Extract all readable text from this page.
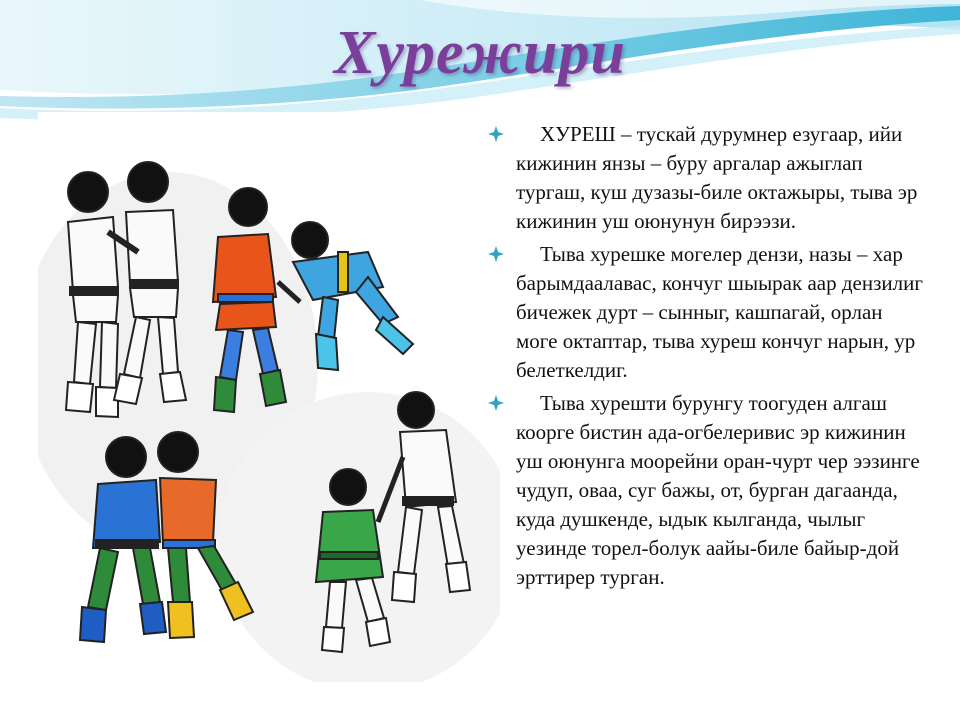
Хурежири
ХУРЕШ – тускай дурумнер езугаар, ийи кижинин янзы – буру аргалар ажыглап тургаш, куш дузазы-биле октажыры, тыва эр кижинин уш оюнунун бирээзи.
Тыва хурешке могелер дензи, назы – хар барымдаалавас, кончуг шыырак аар дензилиг бичежек дурт – сынныг, кашпагай, орлан моге октаптар, тыва хуреш кончуг нарын, ур белеткелдиг.
Тыва хурешти бурунгу тоогуден алгаш коорге бистин ада-огбелеривис эр кижинин уш оюнунга моорейни оран-чурт чер ээзинге чудуп, оваа, суг бажы, от, бурган дагаанда, куда душкенде, ыдык кылганда, чылыг уезинде торел-болук аайы-биле байыр-дой эрттирер турган.
